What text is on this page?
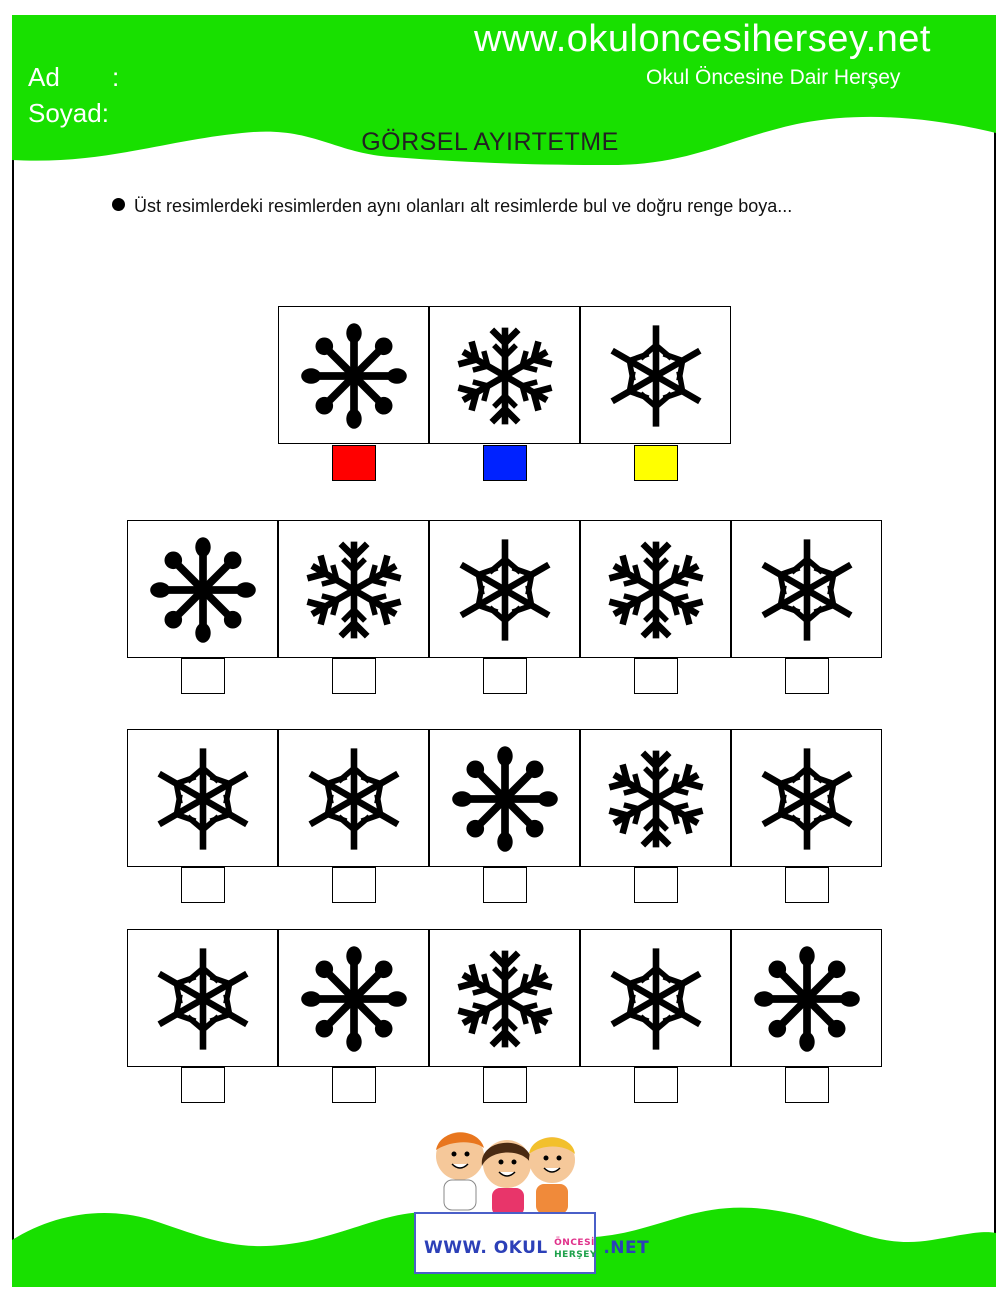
www.okuloncesihersey.net
Okul Öncesine Dair Herşey
Ad :
Soyad:
GÖRSEL AYIRTETME
Üst resimlerdeki resimlerden aynı olanları alt resimlerde bul ve doğru renge boya...
WWW. OKUL ÖNCESİ
HERŞEY .NET
